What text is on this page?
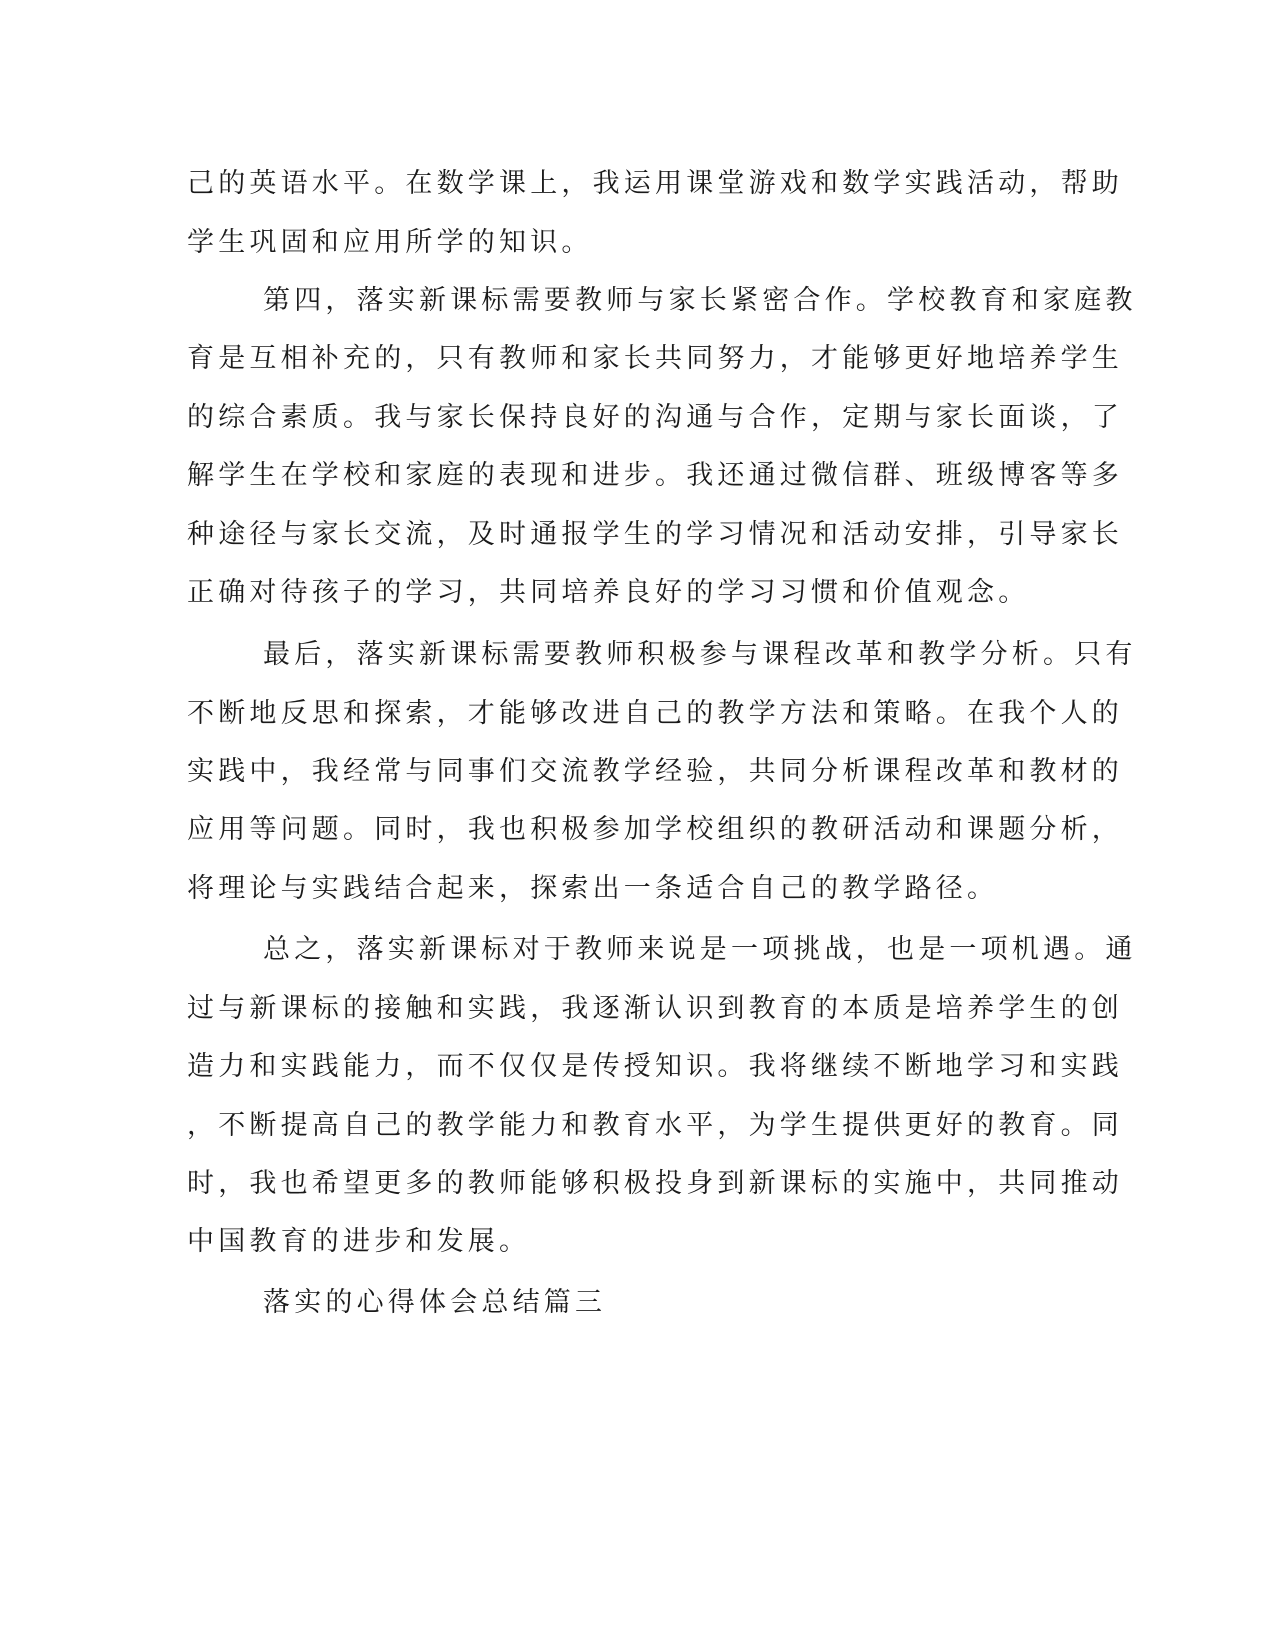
己的英语水平。在数学课上，我运用课堂游戏和数学实践活动，帮助
学生巩固和应用所学的知识。
第四，落实新课标需要教师与家长紧密合作。学校教育和家庭教
育是互相补充的，只有教师和家长共同努力，才能够更好地培养学生
的综合素质。我与家长保持良好的沟通与合作，定期与家长面谈，了
解学生在学校和家庭的表现和进步。我还通过微信群、班级博客等多
种途径与家长交流，及时通报学生的学习情况和活动安排，引导家长
正确对待孩子的学习，共同培养良好的学习习惯和价值观念。
最后，落实新课标需要教师积极参与课程改革和教学分析。只有
不断地反思和探索，才能够改进自己的教学方法和策略。在我个人的
实践中，我经常与同事们交流教学经验，共同分析课程改革和教材的
应用等问题。同时，我也积极参加学校组织的教研活动和课题分析，
将理论与实践结合起来，探索出一条适合自己的教学路径。
总之，落实新课标对于教师来说是一项挑战，也是一项机遇。通
过与新课标的接触和实践，我逐渐认识到教育的本质是培养学生的创
造力和实践能力，而不仅仅是传授知识。我将继续不断地学习和实践
，不断提高自己的教学能力和教育水平，为学生提供更好的教育。同
时，我也希望更多的教师能够积极投身到新课标的实施中，共同推动
中国教育的进步和发展。
落实的心得体会总结篇三
